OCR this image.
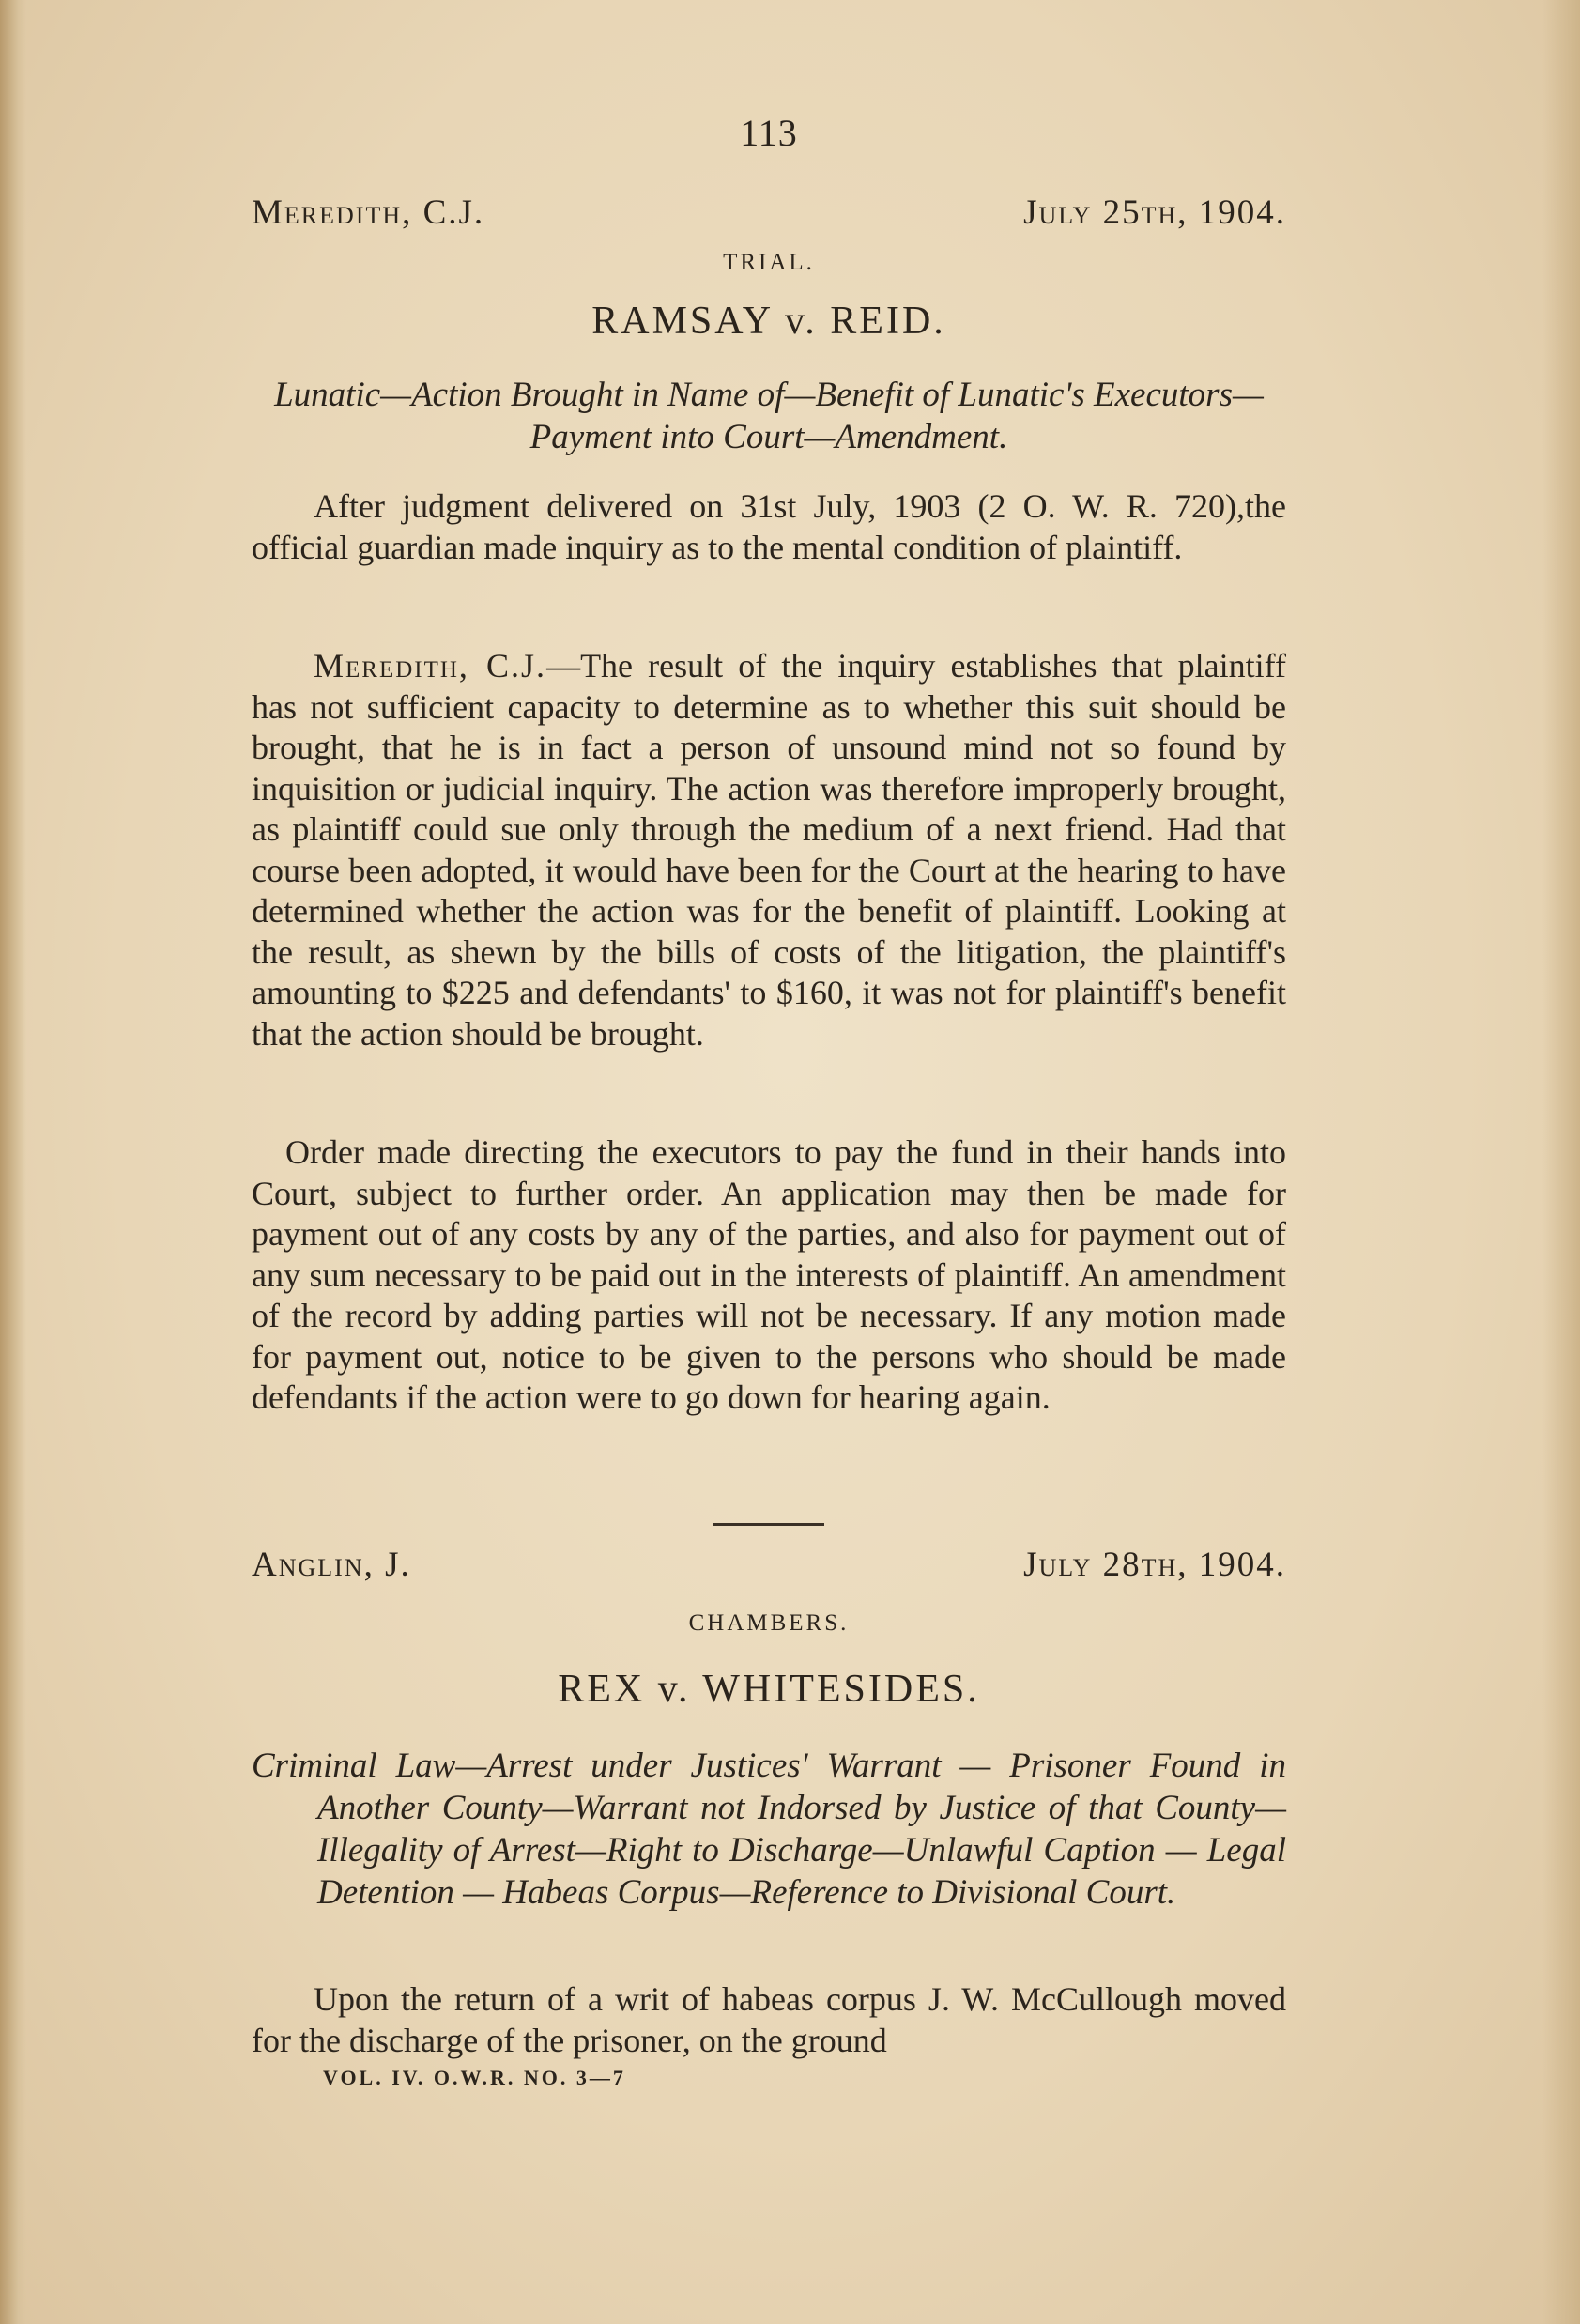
113
Meredith, C.J.	July 25th, 1904.
TRIAL.
RAMSAY v. REID.
Lunatic—Action Brought in Name of—Benefit of Lunatic's Executors—Payment into Court—Amendment.

After judgment delivered on 31st July, 1903 (2 O. W. R. 720),the official guardian made inquiry as to the mental condition of plaintiff.

Meredith, C.J.—The result of the inquiry establishes that plaintiff has not sufficient capacity to determine as to whether this suit should be brought, that he is in fact a person of unsound mind not so found by inquisition or judicial inquiry. The action was therefore improperly brought, as plaintiff could sue only through the medium of a next friend. Had that course been adopted, it would have been for the Court at the hearing to have determined whether the action was for the benefit of plaintiff. Looking at the result, as shewn by the bills of costs of the litigation, the plaintiff's amounting to $225 and defendants' to $160, it was not for plaintiff's benefit that the action should be brought.

Order made directing the executors to pay the fund in their hands into Court, subject to further order. An application may then be made for payment out of any costs by any of the parties, and also for payment out of any sum necessary to be paid out in the interests of plaintiff. An amendment of the record by adding parties will not be necessary. If any motion made for payment out, notice to be given to the persons who should be made defendants if the action were to go down for hearing again.

Anglin, J.	July 28th, 1904.
CHAMBERS.
REX v. WHITESIDES.
Criminal Law—Arrest under Justices' Warrant — Prisoner Found in Another County—Warrant not Indorsed by Justice of that County—Illegality of Arrest—Right to Discharge—Unlawful Caption — Legal Detention — Habeas Corpus—Reference to Divisional Court.

Upon the return of a writ of habeas corpus J. W. McCullough moved for the discharge of the prisoner, on the ground

VOL. IV. O.W.R. NO. 3—7
